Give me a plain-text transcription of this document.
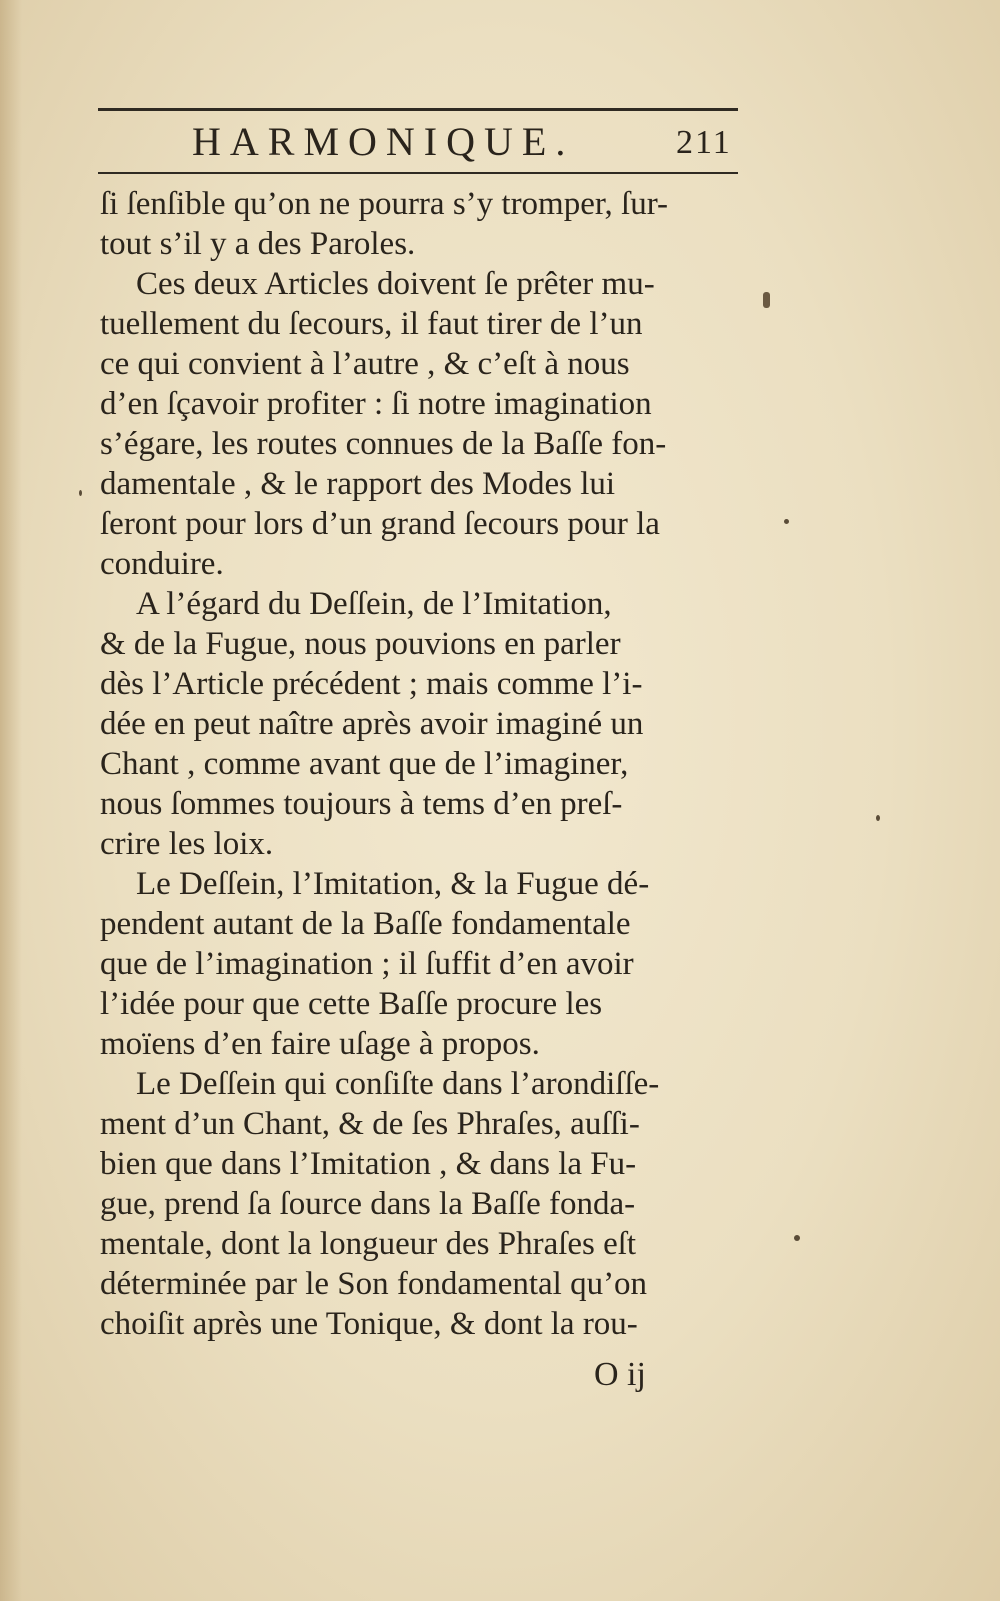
HARMONIQUE.	211
ſi ſenſible qu’on ne pourra s’y tromper, ſur-
tout s’il y a des Paroles.
Ces deux Articles doivent ſe prêter mu-
tuellement du ſecours, il faut tirer de l’un
ce qui convient à l’autre , & c’eſt à nous
d’en ſçavoir profiter : ſi notre imagination
s’égare, les routes connues de la Baſſe fon-
damentale , & le rapport des Modes lui
ſeront pour lors d’un grand ſecours pour la
conduire.
A l’égard du Deſſein, de l’Imitation,
& de la Fugue, nous pouvions en parler
dès l’Article précédent ; mais comme l’i-
dée en peut naître après avoir imaginé un
Chant , comme avant que de l’imaginer,
nous ſommes toujours à tems d’en preſ-
crire les loix.
Le Deſſein, l’Imitation, & la Fugue dé-
pendent autant de la Baſſe fondamentale
que de l’imagination ; il ſuffit d’en avoir
l’idée pour que cette Baſſe procure les
moïens d’en faire uſage à propos.
Le Deſſein qui conſiſte dans l’arondiſſe-
ment d’un Chant, & de ſes Phraſes, auſſi-
bien que dans l’Imitation , & dans la Fu-
gue, prend ſa ſource dans la Baſſe fonda-
mentale, dont la longueur des Phraſes eſt
déterminée par le Son fondamental qu’on
choiſit après une Tonique, & dont la rou-
O ij
